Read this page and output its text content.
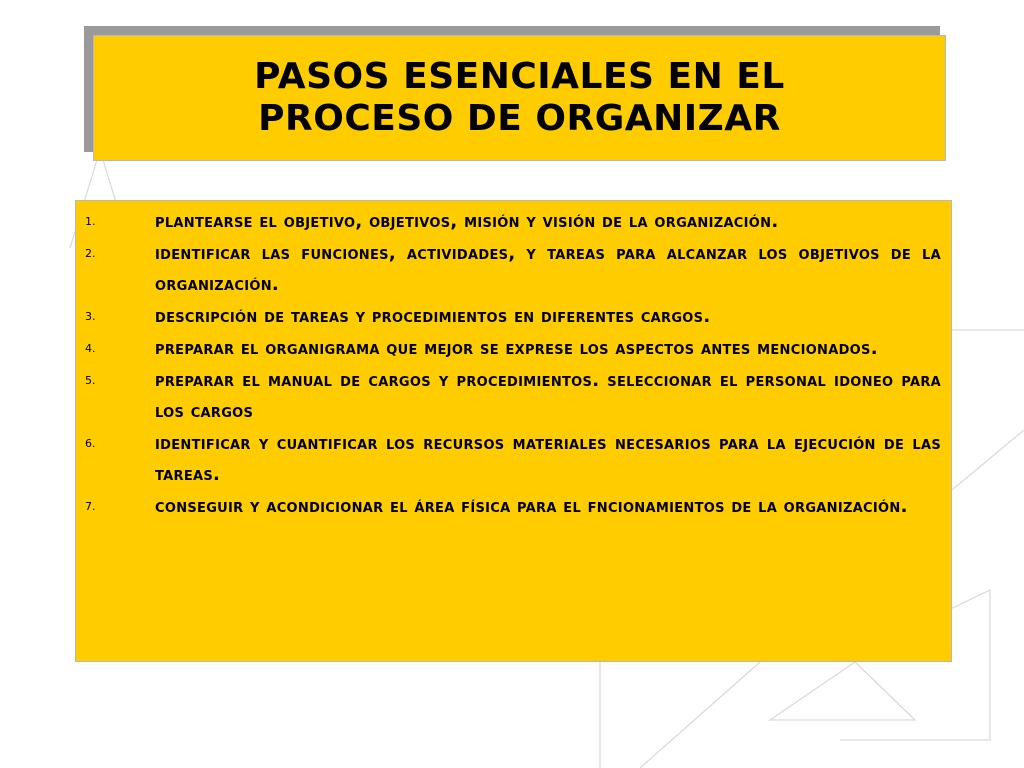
PASOS ESENCIALES EN EL
PROCESO DE ORGANIZAR
1.	plantearse el objetivo, objetivos, misión y visión de la organización.
2.	identificar las funciones, actividades, y tareas para alcanzar los objetivos de la organización.
3.	descripción de tareas y procedimientos en diferentes cargos.
4.	preparar el organigrama que mejor se exprese los aspectos antes mencionados.
5.	preparar el manual de cargos y procedimientos. seleccionar el personal idoneo para los cargos
6.	identificar y cuantificar los recursos materiales necesarios para la ejecución de las tareas.
7.	conseguir y acondicionar el área física para el fncionamientos de la organización.
